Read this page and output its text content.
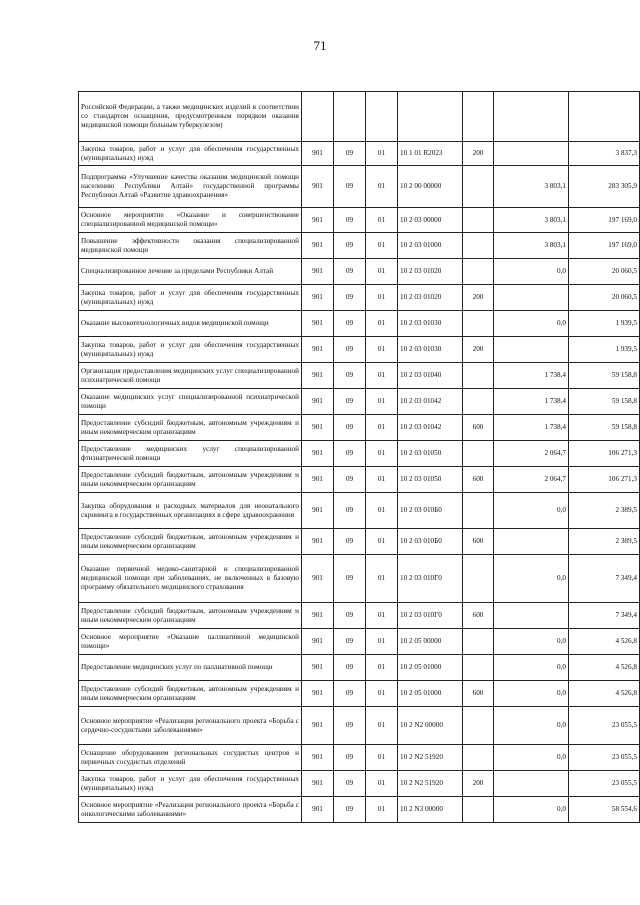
71
Российской Федерации, а также медицинских изделий в соответствии со стандартом оснащения, предусмотренным порядком оказания медицинской помощи больным туберкулезом)							
Закупка товаров, работ и услуг для обеспечения государственных (муниципальных) нужд	901	09	01	10 1 01 R2023	200		3 837,3
Подпрограмма «Улучшение качества оказания медицинской помощи населению Республики Алтай» государственной программы Республики Алтай «Развитие здравоохранения»	901	09	01	10 2 00 00000		3 803,1	283 305,9
Основное мероприятие «Оказание и совершенствование специализированной медицинской помощи»	901	09	01	10 2 03 00000		3 803,1	197 169,0
Повышение эффективности оказания специализированной медицинской помощи	901	09	01	10 2 03 01000		3 803,1	197 169,0
Специализированное лечение за пределами Республики Алтай	901	09	01	10 2 03 01020		0,0	20 060,5
Закупка товаров, работ и услуг для обеспечения государственных (муниципальных) нужд	901	09	01	10 2 03 01020	200		20 060,5
Оказание высокотехнологичных видов медицинской помощи	901	09	01	10 2 03 01030		0,0	1 939,5
Закупка товаров, работ и услуг для обеспечения государственных (муниципальных) нужд	901	09	01	10 2 03 01030	200		1 939,5
Организация предоставления медицинских услуг специализированной психиатрической помощи	901	09	01	10 2 03 01040		1 738,4	59 158,8
Оказание медицинских услуг специализированной психиатрической помощи	901	09	01	10 2 03 01042		1 738,4	59 158,8
Предоставление субсидий бюджетным, автономным учреждениям и иным некоммерческим организациям	901	09	01	10 2 03 01042	600	1 738,4	59 158,8
Предоставление медицинских услуг специализированной фтизиатрической помощи	901	09	01	10 2 03 01050		2 064,7	106 271,3
Предоставление субсидий бюджетным, автономным учреждениям и иным некоммерческим организациям	901	09	01	10 2 03 01050	600	2 064,7	106 271,3
Закупка оборудования и расходных материалов для неонатального скрининга в государственных организациях в сфере здравоохранения	901	09	01	10 2 03 010Б0		0,0	2 389,5
Предоставление субсидий бюджетным, автономным учреждениям и иным некоммерческим организациям	901	09	01	10 2 03 010Б0	600		2 389,5
Оказание первичной медико-санитарной и специализированной медицинской помощи при заболеваниях, не включенных в базовую программу обязательного медицинского страхования	901	09	01	10 2 03 010Г0		0,0	7 349,4
Предоставление субсидий бюджетным, автономным учреждениям и иным некоммерческим организациям	901	09	01	10 2 03 010Г0	600		7 349,4
Основное мероприятие «Оказание паллиативной медицинской помощи»	901	09	01	10 2 05 00000		0,0	4 526,8
Предоставление медицинских услуг по паллиативной помощи	901	09	01	10 2 05 01000		0,0	4 526,8
Предоставление субсидий бюджетным, автономным учреждениям и иным некоммерческим организациям	901	09	01	10 2 05 01000	600	0,0	4 526,8
Основное мероприятие «Реализация регионального проекта «Борьба с сердечно-сосудистыми заболеваниями»	901	09	01	10 2 N2 00000		0,0	23 055,5
Оснащение оборудованием региональных сосудистых центров и первичных сосудистых отделений	901	09	01	10 2 N2 51920		0,0	23 055,5
Закупка товаров, работ и услуг для обеспечения государственных (муниципальных) нужд	901	09	01	10 2 N2 51920	200		23 055,5
Основное мероприятие «Реализация регионального проекта «Борьба с онкологическими заболеваниями»	901	09	01	10 2 N3 00000		0,0	58 554,6
